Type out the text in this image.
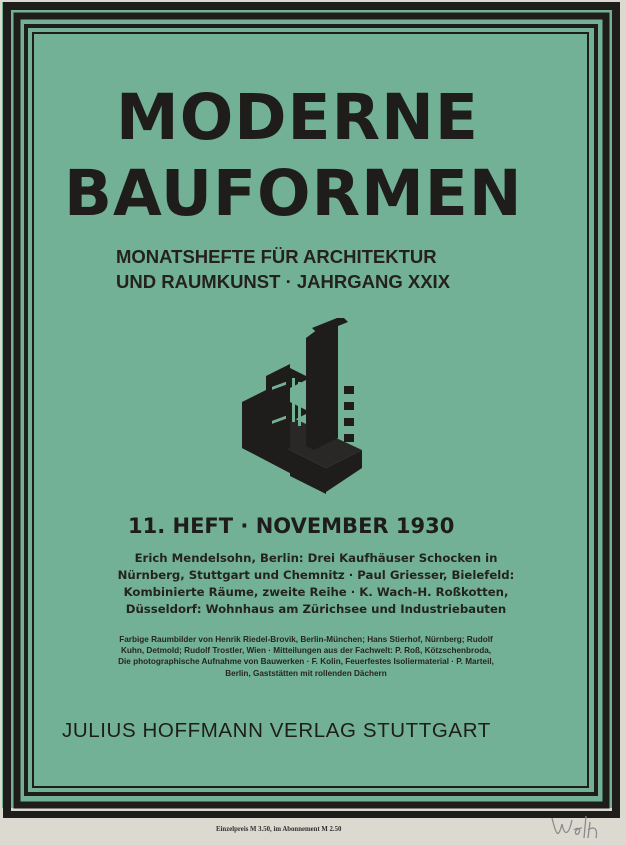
MODERNE
BAUFORMEN

MONATSHEFTE FÜR ARCHITEKTUR

UND RAUMKUNST · JAHRGANG XXIX

11. HEFT · NOVEMBER 1930

Erich Mendelsohn, Berlin: Drei Kaufhäuser Schocken in Nürnberg, Stuttgart und Chemnitz · Paul Griesser, Bielefeld: Kombinierte Räume, zweite Reihe · K. Wach-H. Roßkotten, Düsseldorf: Wohnhaus am Zürichsee und Industriebauten

Farbige Raumbilder von Henrik Riedel-Brovik, Berlin-München; Hans Stierhof, Nürnberg; Rudolf Kuhn, Detmold; Rudolf Trostler, Wien · Mitteilungen aus der Fachwelt: P. Roß, Kötzschenbroda, Die photographische Aufnahme von Bauwerken · F. Kolin, Feuerfestes Isoliermaterial · P. Marteil, Berlin, Gaststätten mit rollenden Dächern

JULIUS HOFFMANN VERLAG STUTTGART

Einzelpreis M 3.50, im Abonnement M 2.50
